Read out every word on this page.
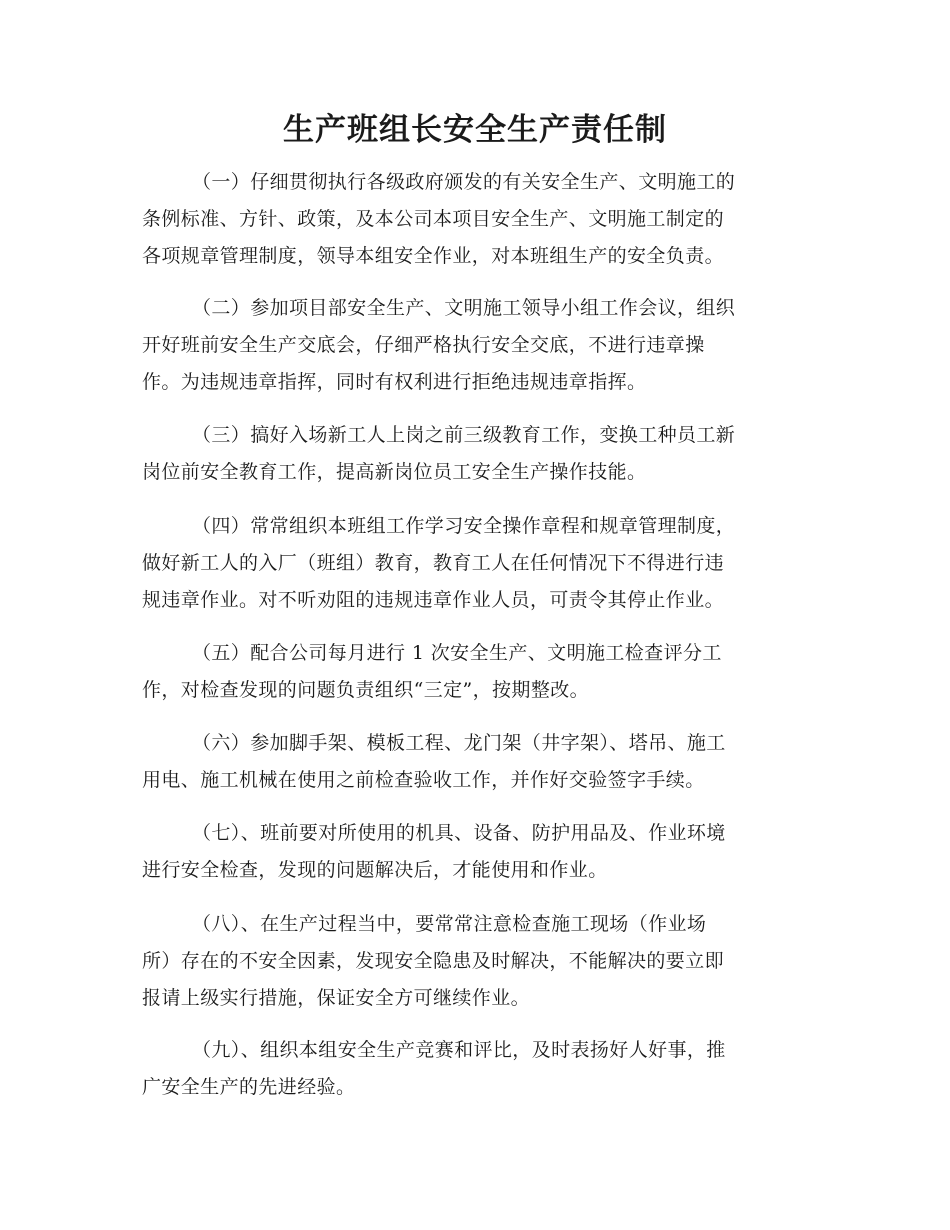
生产班组长安全生产责任制
（一）仔细贯彻执行各级政府颁发的有关安全生产、文明施工的
条例标准、方针、政策，及本公司本项目安全生产、文明施工制定的
各项规章管理制度，领导本组安全作业，对本班组生产的安全负责。
（二）参加项目部安全生产、文明施工领导小组工作会议，组织
开好班前安全生产交底会，仔细严格执行安全交底，不进行违章操
作。为违规违章指挥，同时有权利进行拒绝违规违章指挥。
（三）搞好入场新工人上岗之前三级教育工作，变换工种员工新
岗位前安全教育工作，提高新岗位员工安全生产操作技能。
（四）常常组织本班组工作学习安全操作章程和规章管理制度，
做好新工人的入厂（班组）教育，教育工人在任何情况下不得进行违
规违章作业。对不听劝阻的违规违章作业人员，可责令其停止作业。
（五）配合公司每月进行 1 次安全生产、文明施工检查评分工
作，对检查发现的问题负责组织“三定”，按期整改。
（六）参加脚手架、模板工程、龙门架（井字架）、塔吊、施工
用电、施工机械在使用之前检查验收工作，并作好交验签字手续。
（七）、班前要对所使用的机具、设备、防护用品及、作业环境
进行安全检查，发现的问题解决后，才能使用和作业。
（八）、在生产过程当中，要常常注意检查施工现场（作业场
所）存在的不安全因素，发现安全隐患及时解决，不能解决的要立即
报请上级实行措施，保证安全方可继续作业。
（九）、组织本组安全生产竞赛和评比，及时表扬好人好事，推
广安全生产的先进经验。
